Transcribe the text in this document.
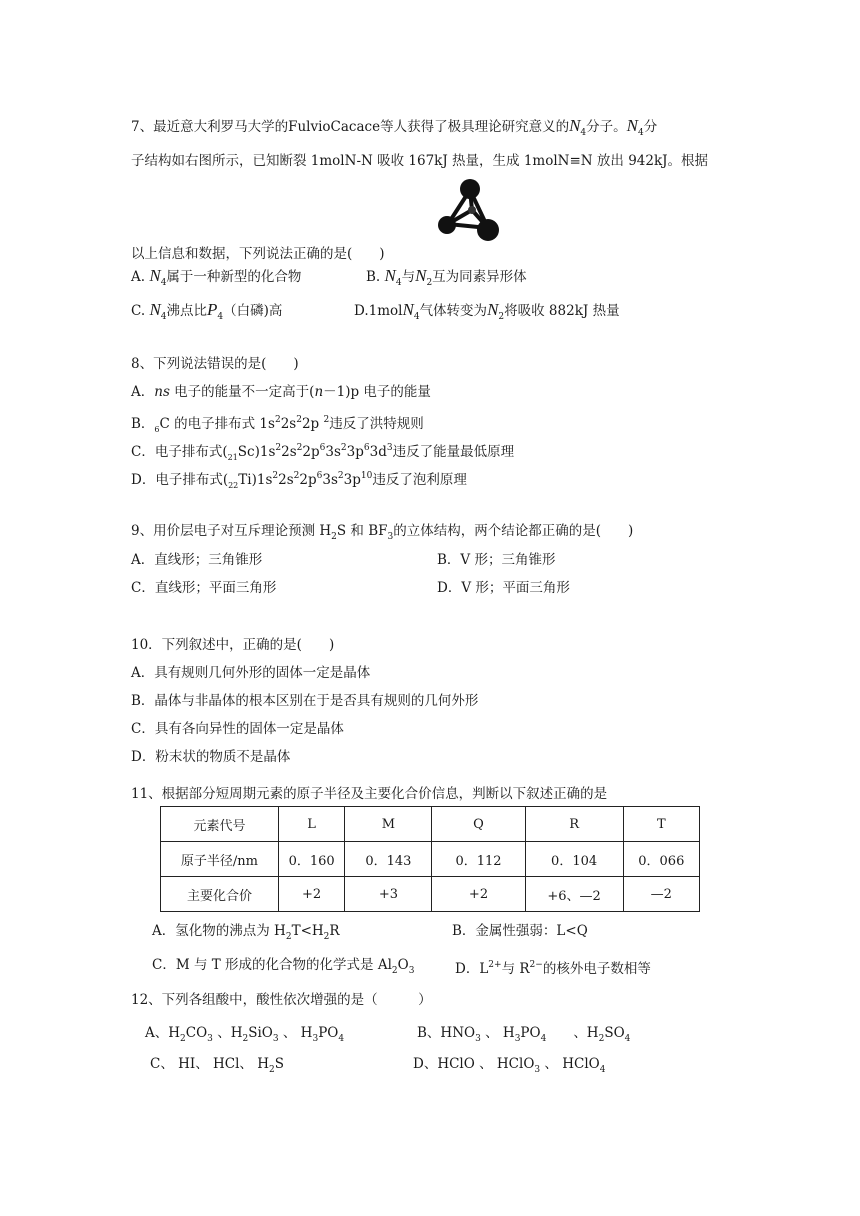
7、最近意大利罗马大学的FulvioCacace等人获得了极具理论研究意义的$N_4$分子。$N_4$分
子结构如右图所示，已知断裂 1molN-N 吸收 167kJ 热量，生成 1molN≡N 放出 942kJ。根据
以上信息和数据，下列说法正确的是(　　)
A. $N_4$属于一种新型的化合物	B. $N_4$与$N_2$互为同素异形体
C. $N_4$沸点比$P_4$（白磷)高	D.1molN$_4$气体转变为$N_2$将吸收 882kJ 热量
8、下列说法错误的是(　　)
A．ns 电子的能量不一定高于(n－1)p 电子的能量
B．$_6$C 的电子排布式 $1s^22s^22p$ $^2$违反了洪特规则
C．电子排布式$(_{21}Sc)1s^22s^22p^63s^23p^63d^3$违反了能量最低原理
D．电子排布式$(_{22}Ti)1s^22s^22p^63s^23p^{10}$违反了泡利原理
9、用价层电子对互斥理论预测 $H_2S$ 和 $BF_3$的立体结构，两个结论都正确的是(　　)
A．直线形；三角锥形	B．V 形；三角锥形
C．直线形；平面三角形	D．V 形；平面三角形
10．下列叙述中，正确的是(　　)
A．具有规则几何外形的固体一定是晶体
B．晶体与非晶体的根本区别在于是否具有规则的几何外形
C．具有各向异性的固体一定是晶体
D．粉末状的物质不是晶体
11、根据部分短周期元素的原子半径及主要化合价信息，判断以下叙述正确的是
元素代号	L	M	Q	R	T
原子半径/nm	0．160	0．143	0．112	0．104	0．066
主要化合价	+2	+3	+2	+6、—2	—2
A．氢化物的沸点为 $H_2T<H_2R$	B．金属性强弱：L<Q
C．M 与 T 形成的化合物的化学式是 $Al_2O_3$	D．$L^{2+}$与 $R^{2-}$的核外电子数相等
12、下列各组酸中，酸性依次增强的是（　　　）
A、$H_2CO_3$ 、$H_2SiO_3$ 、 $H_3PO_4$	B、$HNO_3$ 、 $H_3PO_4$　　 、$H_2SO_4$
C、 HI、 HCl、 $H_2S$	D、HClO 、 HClO$_3$ 、 HClO$_4$
